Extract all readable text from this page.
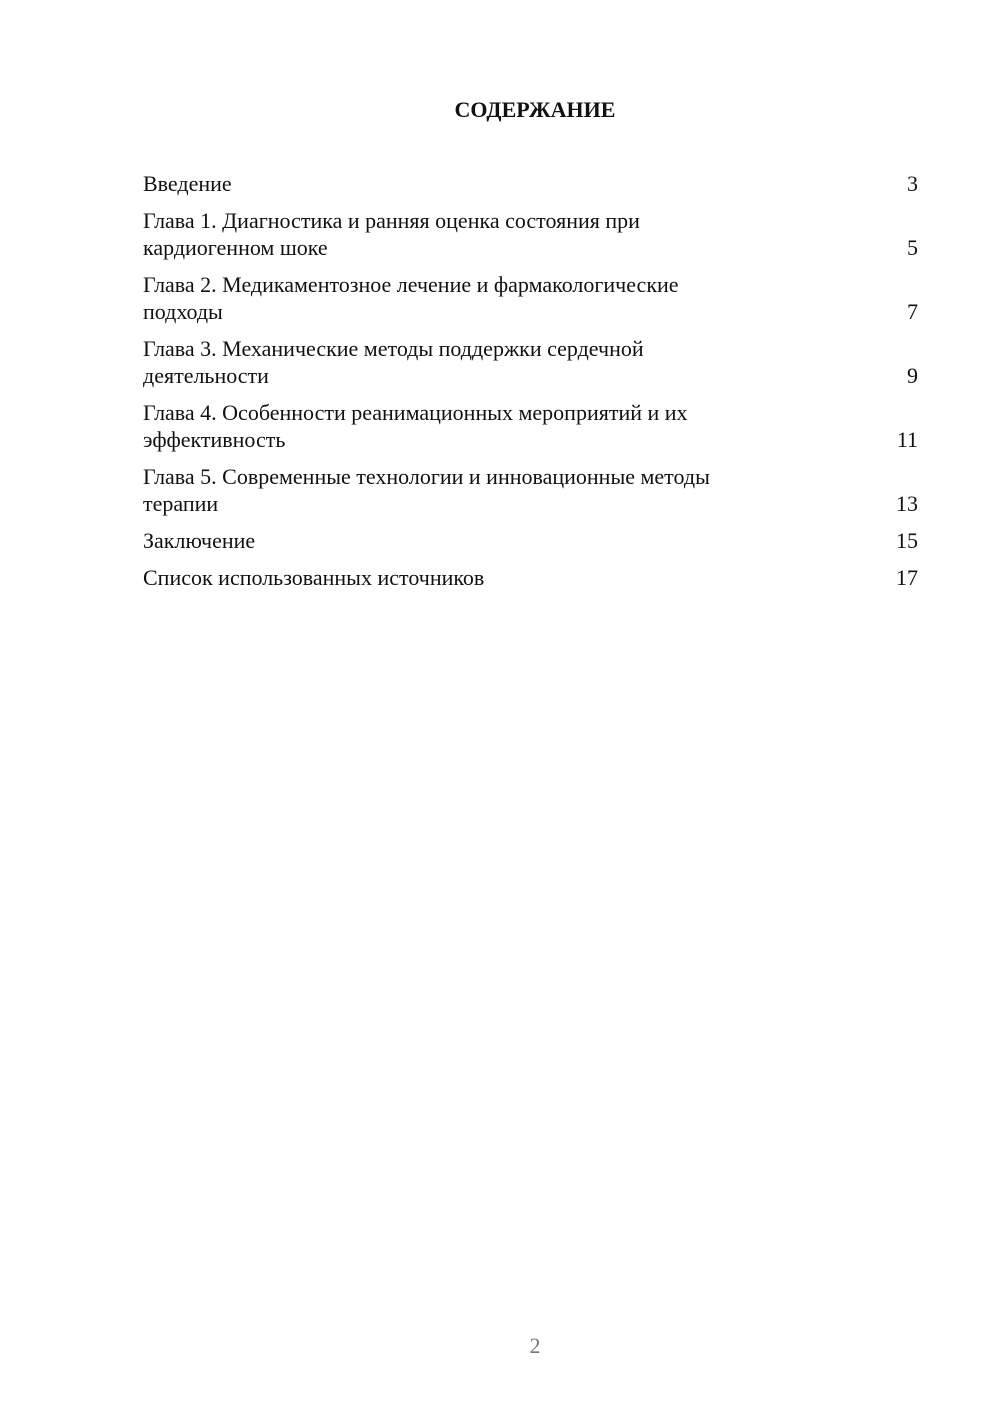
СОДЕРЖАНИЕ
Введение	3
Глава 1. Диагностика и ранняя оценка состояния при
кардиогенном шоке	5
Глава 2. Медикаментозное лечение и фармакологические
подходы	7
Глава 3. Механические методы поддержки сердечной
деятельности	9
Глава 4. Особенности реанимационных мероприятий и их
эффективность	11
Глава 5. Современные технологии и инновационные методы
терапии	13
Заключение	15
Список использованных источников	17
2
